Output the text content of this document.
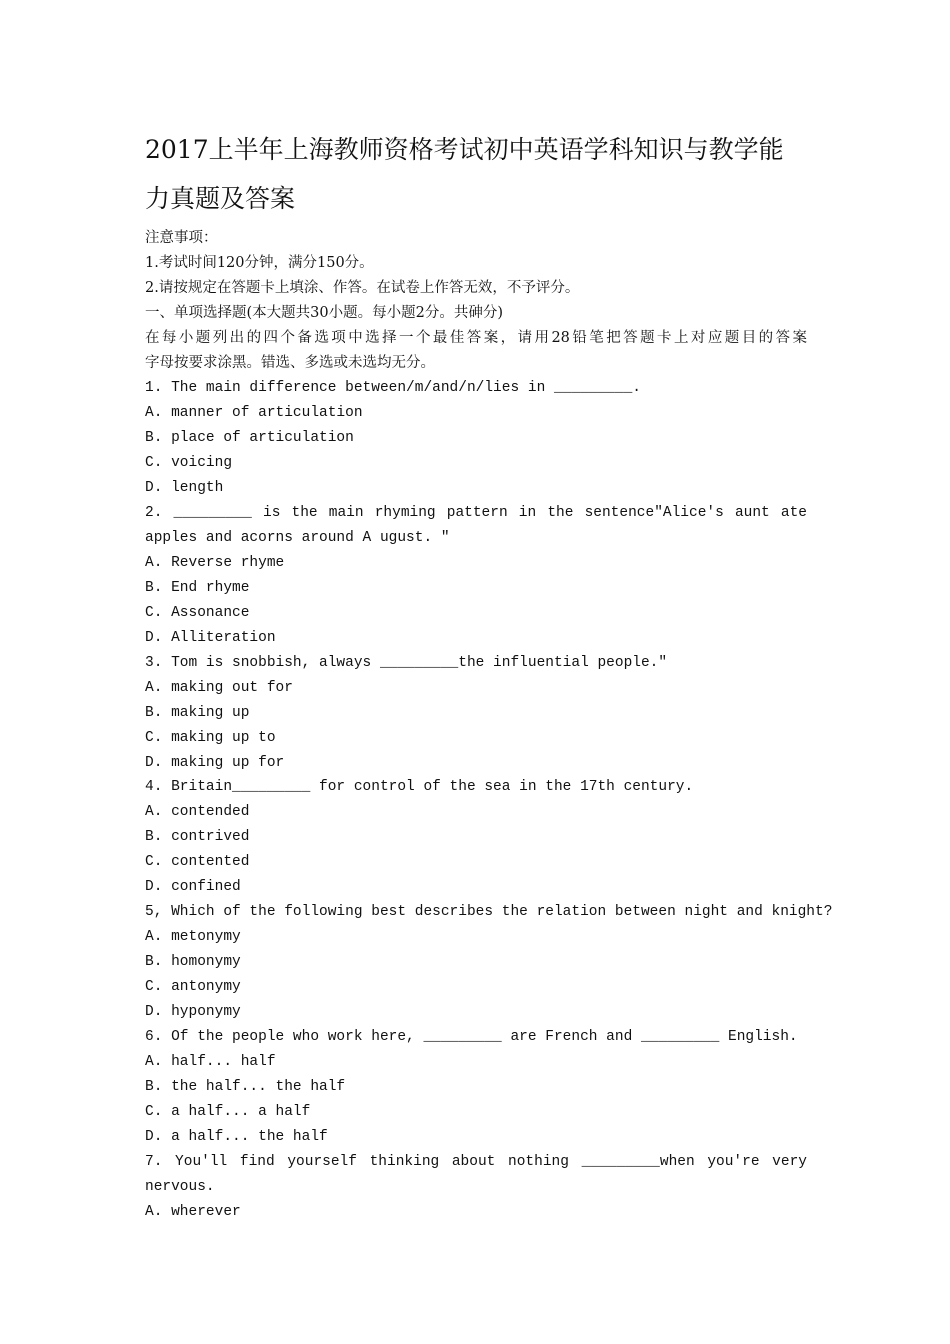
2017上半年上海教师资格考试初中英语学科知识与教学能
力真题及答案
注意事项：
1.考试时间120分钟，满分150分。
2.请按规定在答题卡上填涂、作答。在试卷上作答无效，不予评分。
一、单项选择题(本大题共30小题。每小题2分。共砷分)
在每小题列出的四个备选项中选择一个最佳答案，请用28铅笔把答题卡上对应题目的答案
字母按要求涂黑。错选、多选或未选均无分。
1. The main difference between/m/and/n/lies in _________.
A. manner of articulation
B. place of articulation
C. voicing
D. length
2. _________ is the main rhyming pattern in the sentence"Alice's aunt ate
apples and acorns around A ugust. "
A. Reverse rhyme
B. End rhyme
C. Assonance
D. Alliteration
3. Tom is snobbish, always _________the influential people."
A. making out for
B. making up
C. making up to
D. making up for
4. Britain_________ for control of the sea in the 17th century.
A. contended
B. contrived
C. contented
D. confined
5, Which of the following best describes the relation between night and knight?
A. metonymy
B. homonymy
C. antonymy
D. hyponymy
6. Of the people who work here, _________ are French and _________ English.
A. half... half
B. the half... the half
C. a half... a half
D. a half... the half
7. You'll find yourself thinking about nothing _________when you're very
nervous.
A. wherever
